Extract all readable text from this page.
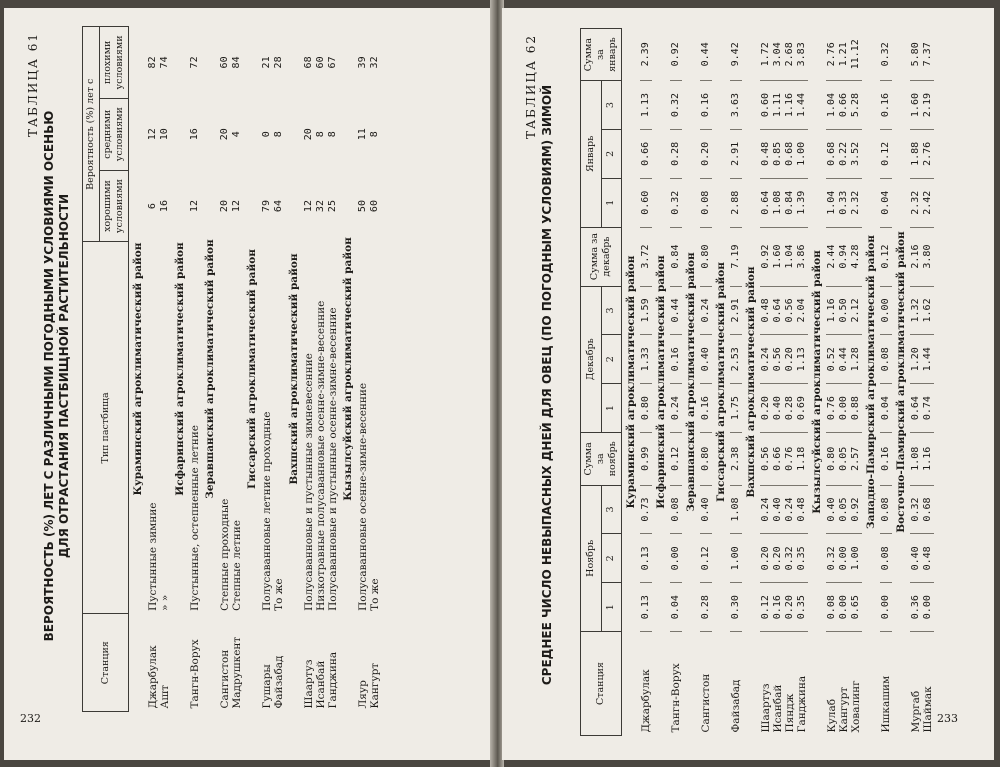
232
ТАБЛИЦА 61
ВЕРОЯТНОСТЬ (%) ЛЕТ С РАЗЛИЧНЫМИ ПОГОДНЫМИ УСЛОВИЯМИ ОСЕНЬЮ ДЛЯ ОТРАСТАНИЯ ПАСТБИЩНОЙ РАСТИТЕЛЬНОСТИ
Станция	Тип пастбища	Вероятность (%) лет с		
		хорошими условиями	средними условиями	плохими условиями
Кураминский агроклиматический район				
Джарбулак	Пустынные зимние	6	12	82
Ашт	» »	16	10	74
Исфаринский агроклиматический район				
Тангн-Ворух	Пустынные, остепненные летние	12	16	72
Зеравшанский агроклиматический район				
Сангистон	Степные проходные	20	20	60
Мадрушкент	Степные летние	12	4	84
Гиссарский агроклиматический район				
Гушары	Полусаванновые летние проходные	79	0	21
Файзабад	То же	64	8	28
Вахшский агроклиматический район				
Шаартуз	Полусаванновые и пустынные зимневесенние	12	20	68
Исанбай	Низкотравные полусаванновые осенне-зимне-весенние	32	8	60
Ганджина	Полусаванновые и пустынные осенне-зимне-весенние	25	8	67
Кызылсуйский агроклиматический район				
Ляур	Полусаванновые осенне-зимне-весенние	50	11	39
Кангурт	То же	60	8	32
233
ТАБЛИЦА 62 СРЕДНЕЕ ЧИСЛО НЕВЫПАСНЫХ ДНЕЙ ДЛЯ ОВЕЦ (ПО ПОГОДНЫМ УСЛОВИЯМ) ЗИМОЙ	Станция	Ноябрь			Сумма за ноябрь	Декабрь			Сумма за декабрь	Январь			Сумма за январь
	1	2	3		1	2	3		1	2	3	
Кураминский агроклиматический район												
Джарбулак	0.13	0.13	0.73	0.99	0.80	1.33	1.59	3.72	0.60	0.66	1.13	2.39
Исфаринский агроклиматический район												
Тангн-Ворух	0.04	0.00	0.08	0.12	0.24	0.16	0.44	0.84	0.32	0.28	0.32	0.92
Зеравшанский агроклиматический район												
Сангистон	0.28	0.12	0.40	0.80	0.16	0.40	0.24	0.80	0.08	0.20	0.16	0.44
Гиссарский агроклиматический район												
Файзабад	0.30	1.00	1.08	2.38	1.75	2.53	2.91	7.19	2.88	2.91	3.63	9.42
Вахшский агроклиматический район												
Шаартуз	0.12	0.20	0.24	0.56	0.20	0.24	0.48	0.92	0.64	0.48	0.60	1.72
Исанбай	0.16	0.20	0.40	0.66	0.40	0.56	0.64	1.60	1.08	0.85	1.11	3.04
Пяндж	0.20	0.32	0.24	0.76	0.28	0.20	0.56	1.04	0.84	0.68	1.16	2.68
Ганджина	0.35	0.35	0.48	1.18	0.69	1.13	2.04	3.86	1.39	1.00	1.44	3.83
Кызылсуйский агроклиматический район												
Кулаб	0.08	0.32	0.40	0.80	0.76	0.52	1.16	2.44	1.04	0.68	1.04	2.76
Кангурт	0.00	0.00	0.05	0.05	0.00	0.44	0.50	0.94	0.33	0.22	0.66	1.21
Ховалинг	0.65	1.00	0.92	2.57	0.88	1.28	2.12	4.28	2.32	3.52	5.28	11.12
Западно-Памирский агроклиматический район												
Ишкашим	0.00	0.08	0.08	0.16	0.04	0.08	0.00	0.12	0.04	0.12	0.16	0.32
Восточно-Памирский агроклиматический район												
Мургаб	0.36	0.40	0.32	1.08	0.64	1.20	1.32	2.16	2.32	1.88	1.60	5.80
Шаймак	0.00	0.48	0.68	1.16	0.74	1.44	1.62	3.80	2.42	2.76	2.19	7.37
